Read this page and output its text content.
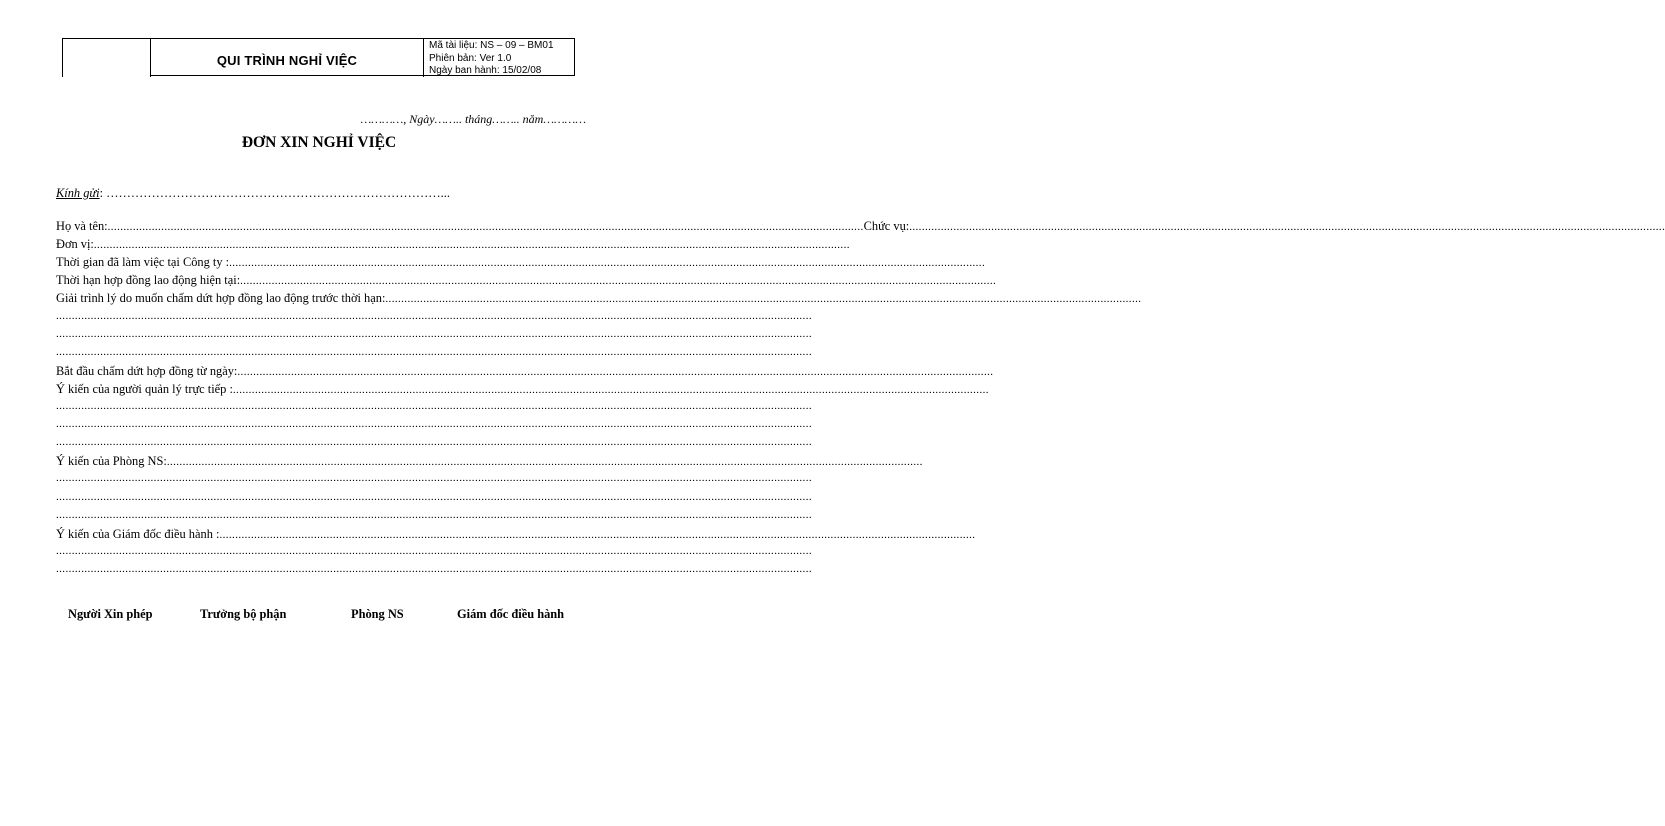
QUI TRÌNH NGHỈ VIỆC
Mã tài liệu: NS – 09 – BM01
Phiên bản: Ver 1.0
Ngày ban hành: 15/02/08
…………, Ngày…….. tháng…….. năm…………
ĐƠN XIN NGHỈ VIỆC
Kính gửi : ………………………………………………………………………...
Họ và tên: ................................................................................................................................................................................................................................................ Chức vụ: ................................................................................................................................................................................................................................................
Đơn vị: ................................................................................................................................................................................................................................................
Thời gian đã làm việc tại Công ty : ................................................................................................................................................................................................................................................
Thời hạn hợp đồng lao động hiện tại: ................................................................................................................................................................................................................................................
Giải trình lý do muốn chấm dứt hợp đồng lao động trước thời hạn: ................................................................................................................................................................................................................................................
................................................................................................................................................................................................................................................
................................................................................................................................................................................................................................................
................................................................................................................................................................................................................................................
Bắt đầu chấm dứt hợp đồng từ ngày: ................................................................................................................................................................................................................................................
Ý kiến của người quản lý trực tiếp : ................................................................................................................................................................................................................................................
................................................................................................................................................................................................................................................
................................................................................................................................................................................................................................................
................................................................................................................................................................................................................................................
Ý kiến của Phòng NS: ................................................................................................................................................................................................................................................
................................................................................................................................................................................................................................................
................................................................................................................................................................................................................................................
................................................................................................................................................................................................................................................
Ý kiến của Giám đốc điều hành : ................................................................................................................................................................................................................................................
................................................................................................................................................................................................................................................
................................................................................................................................................................................................................................................
Người Xin phép	Trưởng bộ phận	Phòng NS	Giám đốc điều hành
